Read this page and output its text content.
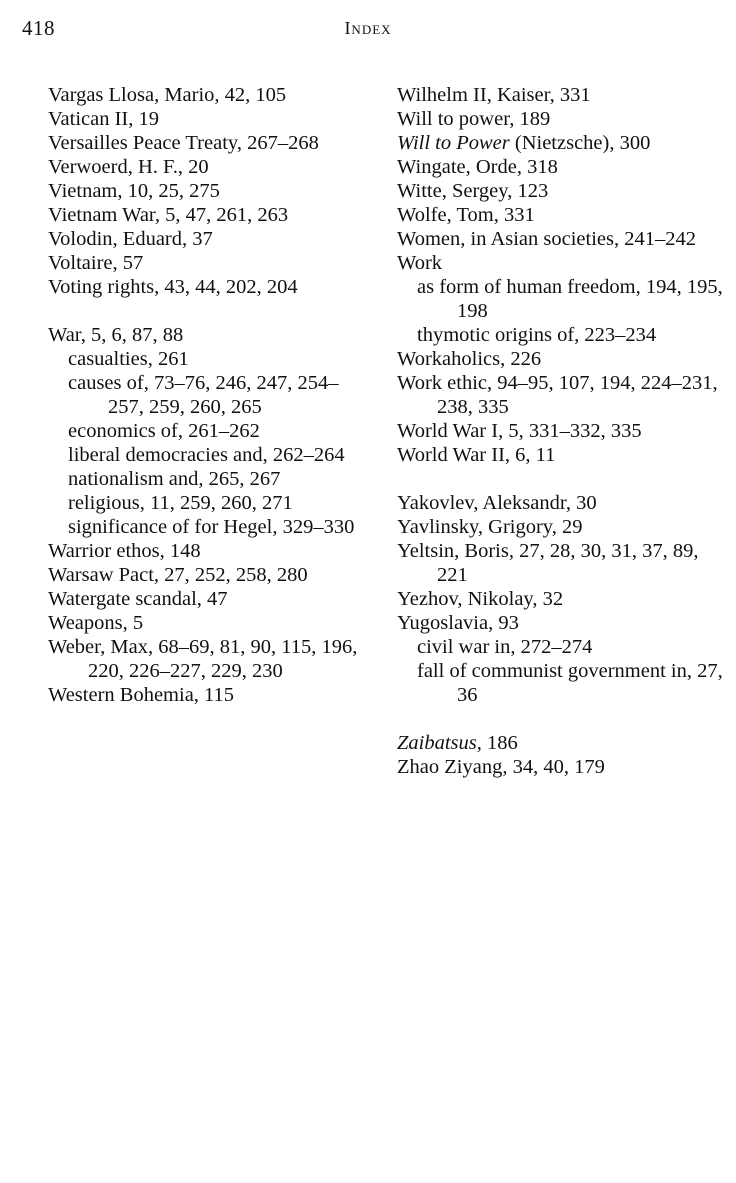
418	Index
Vargas Llosa, Mario, 42, 105
Vatican II, 19
Versailles Peace Treaty, 267–268
Verwoerd, H. F., 20
Vietnam, 10, 25, 275
Vietnam War, 5, 47, 261, 263
Volodin, Eduard, 37
Voltaire, 57
Voting rights, 43, 44, 202, 204
War, 5, 6, 87, 88
casualties, 261
causes of, 73–76, 246, 247, 254–257, 259, 260, 265
economics of, 261–262
liberal democracies and, 262–264
nationalism and, 265, 267
religious, 11, 259, 260, 271
significance of for Hegel, 329–330
Warrior ethos, 148
Warsaw Pact, 27, 252, 258, 280
Watergate scandal, 47
Weapons, 5
Weber, Max, 68–69, 81, 90, 115, 196, 220, 226–227, 229, 230
Western Bohemia, 115
Wilhelm II, Kaiser, 331
Will to power, 189
Will to Power (Nietzsche), 300
Wingate, Orde, 318
Witte, Sergey, 123
Wolfe, Tom, 331
Women, in Asian societies, 241–242
Work
as form of human freedom, 194, 195, 198
thymotic origins of, 223–234
Workaholics, 226
Work ethic, 94–95, 107, 194, 224–231, 238, 335
World War I, 5, 331–332, 335
World War II, 6, 11
Yakovlev, Aleksandr, 30
Yavlinsky, Grigory, 29
Yeltsin, Boris, 27, 28, 30, 31, 37, 89, 221
Yezhov, Nikolay, 32
Yugoslavia, 93
civil war in, 272–274
fall of communist government in, 27, 36
Zaibatsus, 186
Zhao Ziyang, 34, 40, 179
